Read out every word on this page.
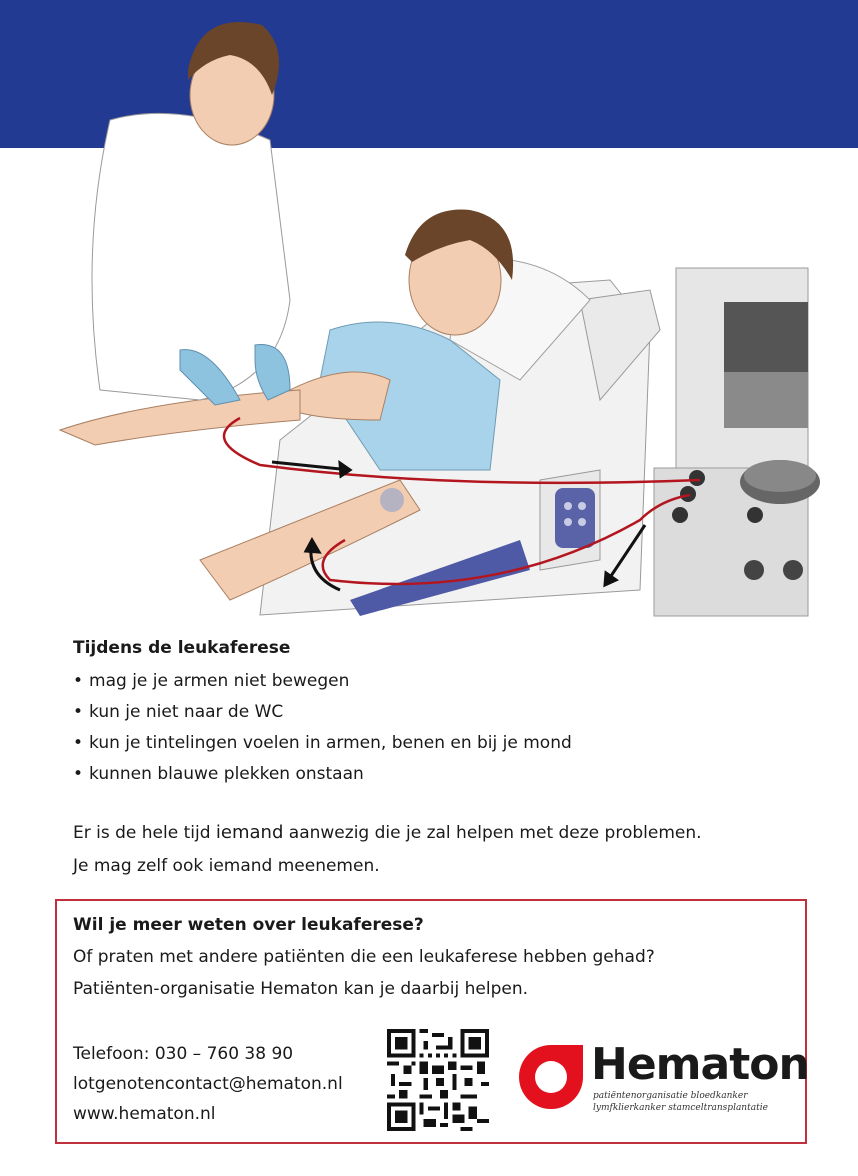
Tijdens de leukaferese
• mag je je armen niet bewegen
• kun je niet naar de WC
• kun je tintelingen voelen in armen, benen en bij je mond
• kunnen blauwe plekken onstaan
Er is de hele tijd iemand aanwezig die je zal helpen met deze problemen.
Je mag zelf ook iemand meenemen.
Wil je meer weten over leukaferese?
Of praten met andere patiënten die een leukaferese hebben gehad?
Patiënten-organisatie Hematon kan je daarbij helpen.
Telefoon: 030 – 760 38 90
lotgenotencontact@hematon.nl
www.hematon.nl
Hematon
patiëntenorganisatie bloedkanker
lymfklierkanker stamceltransplantatie
